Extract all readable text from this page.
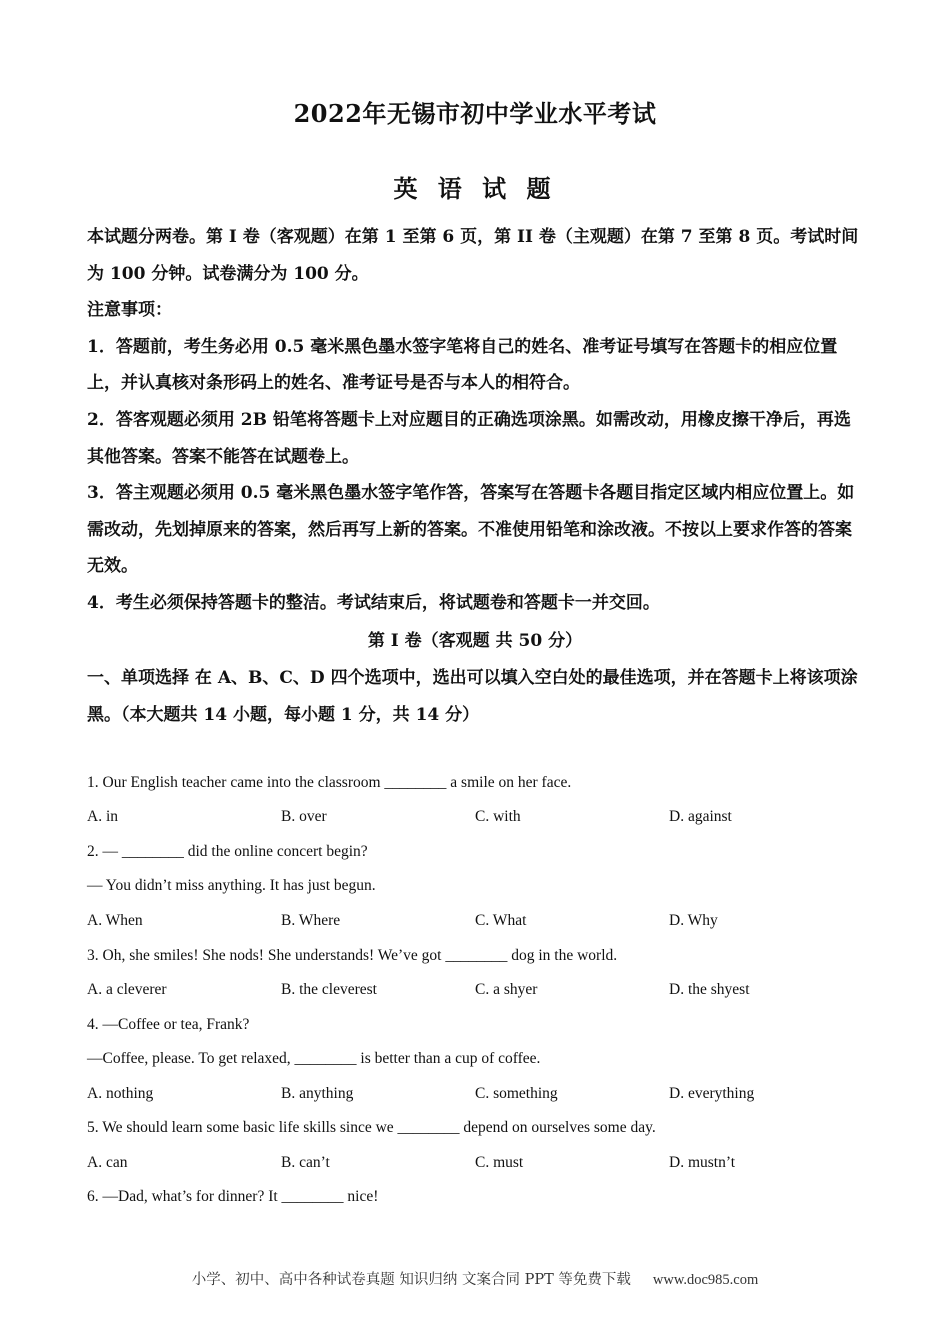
2022年无锡市初中学业水平考试
英 语 试 题

本试题分两卷。第 I 卷（客观题）在第 1 至第 6 页，第 II 卷（主观题）在第 7 至第 8 页。考试时间为 100 分钟。试卷满分为 100 分。

注意事项：

1．答题前，考生务必用 0.5 毫米黑色墨水签字笔将自己的姓名、准考证号填写在答题卡的相应位置上，并认真核对条形码上的姓名、准考证号是否与本人的相符合。

2．答客观题必须用 2B 铅笔将答题卡上对应题目的正确选项涂黑。如需改动，用橡皮擦干净后，再选其他答案。答案不能答在试题卷上。

3．答主观题必须用 0.5 毫米黑色墨水签字笔作答，答案写在答题卡各题目指定区域内相应位置上。如需改动，先划掉原来的答案，然后再写上新的答案。不准使用铅笔和涂改液。不按以上要求作答的答案无效。

4．考生必须保持答题卡的整洁。考试结束后，将试题卷和答题卡一并交回。

第 I 卷（客观题 共 50 分）
一、单项选择 在 A、B、C、D 四个选项中，选出可以填入空白处的最佳选项，并在答题卡上将该项涂黑。（本大题共 14 小题，每小题 1 分，共 14 分）
1. Our English teacher came into the classroom ________ a smile on her face.
A. in	B. over	C. with	D. against
2. — ________ did the online concert begin?
— You didn’t miss anything. It has just begun.
A. When	B. Where	C. What	D. Why
3. Oh, she smiles! She nods! She understands! We’ve got ________ dog in the world.
A. a cleverer	B. the cleverest	C. a shyer	D. the shyest
4. —Coffee or tea, Frank?
—Coffee, please. To get relaxed, ________ is better than a cup of coffee.
A. nothing	B. anything	C. something	D. everything
5. We should learn some basic life skills since we ________ depend on ourselves some day.
A. can	B. can’t	C. must	D. mustn’t
6. —Dad, what’s for dinner? It ________ nice!
小学、初中、高中各种试卷真题 知识归纳 文案合同 PPT 等免费下载 www.doc985.com
